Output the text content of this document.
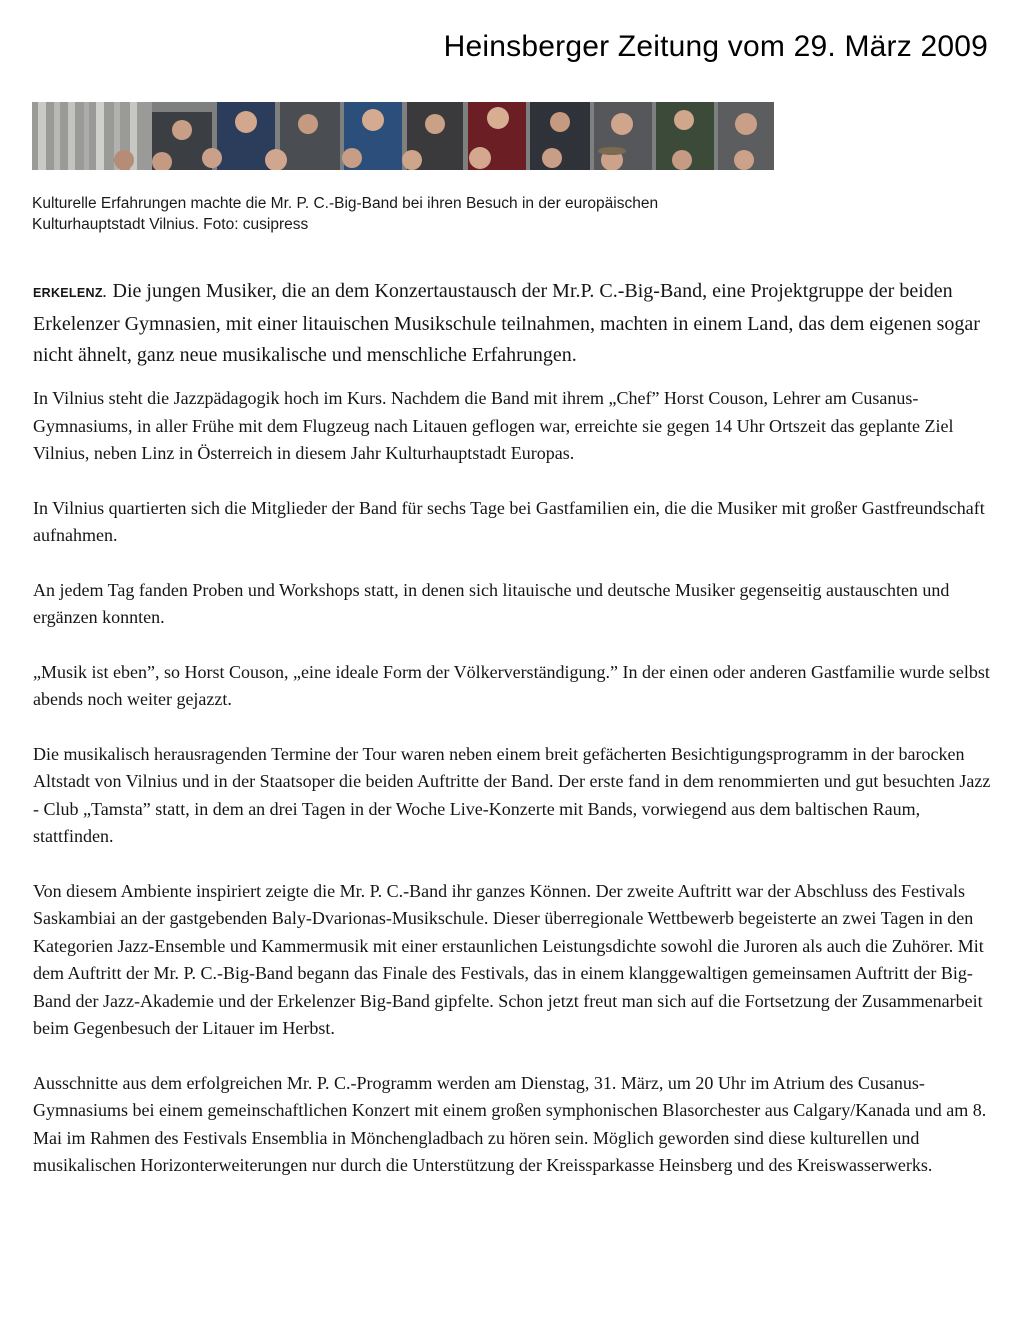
Heinsberger Zeitung vom 29. März 2009
Kulturelle Erfahrungen machte die Mr. P. C.-Big-Band bei ihren Besuch in der europäischen
Kulturhauptstadt Vilnius. Foto: cusipress

ERKELENZ. Die jungen Musiker, die an dem Konzertaustausch der Mr.P. C.-Big-Band, eine Projektgruppe der beiden Erkelenzer Gymnasien, mit einer litauischen Musikschule teilnahmen, machten in einem Land, das dem eigenen sogar nicht ähnelt, ganz neue musikalische und menschliche Erfahrungen.

In Vilnius steht die Jazzpädagogik hoch im Kurs. Nachdem die Band mit ihrem „Chef” Horst Couson, Lehrer am Cusanus-Gymnasiums, in aller Frühe mit dem Flugzeug nach Litauen geflogen war, erreichte sie gegen 14 Uhr Ortszeit das geplante Ziel Vilnius, neben Linz in Österreich in diesem Jahr Kulturhauptstadt Europas.

In Vilnius quartierten sich die Mitglieder der Band für sechs Tage bei Gastfamilien ein, die die Musiker mit großer Gastfreundschaft aufnahmen.

An jedem Tag fanden Proben und Workshops statt, in denen sich litauische und deutsche Musiker gegenseitig austauschten und ergänzen konnten.

„Musik ist eben”, so Horst Couson, „eine ideale Form der Völkerverständigung.” In der einen oder anderen Gastfamilie wurde selbst abends noch weiter gejazzt.

Die musikalisch herausragenden Termine der Tour waren neben einem breit gefächerten Besichtigungsprogramm in der barocken Altstadt von Vilnius und in der Staatsoper die beiden Auftritte der Band. Der erste fand in dem renommierten und gut besuchten Jazz - Club „Tamsta” statt, in dem an drei Tagen in der Woche Live-Konzerte mit Bands, vorwiegend aus dem baltischen Raum, stattfinden.

Von diesem Ambiente inspiriert zeigte die Mr. P. C.-Band ihr ganzes Können. Der zweite Auftritt war der Abschluss des Festivals Saskambiai an der gastgebenden Baly-Dvarionas-Musikschule. Dieser überregionale Wettbewerb begeisterte an zwei Tagen in den Kategorien Jazz-Ensemble und Kammermusik mit einer erstaunlichen Leistungsdichte sowohl die Juroren als auch die Zuhörer. Mit dem Auftritt der Mr. P. C.-Big-Band begann das Finale des Festivals, das in einem klanggewaltigen gemeinsamen Auftritt der Big-Band der Jazz-Akademie und der Erkelenzer Big-Band gipfelte. Schon jetzt freut man sich auf die Fortsetzung der Zusammenarbeit beim Gegenbesuch der Litauer im Herbst.

Ausschnitte aus dem erfolgreichen Mr. P. C.-Programm werden am Dienstag, 31. März, um 20 Uhr im Atrium des Cusanus-Gymnasiums bei einem gemeinschaftlichen Konzert mit einem großen symphonischen Blasorchester aus Calgary/Kanada und am 8. Mai im Rahmen des Festivals Ensemblia in Mönchengladbach zu hören sein. Möglich geworden sind diese kulturellen und musikalischen Horizonterweiterungen nur durch die Unterstützung der Kreissparkasse Heinsberg und des Kreiswasserwerks.
